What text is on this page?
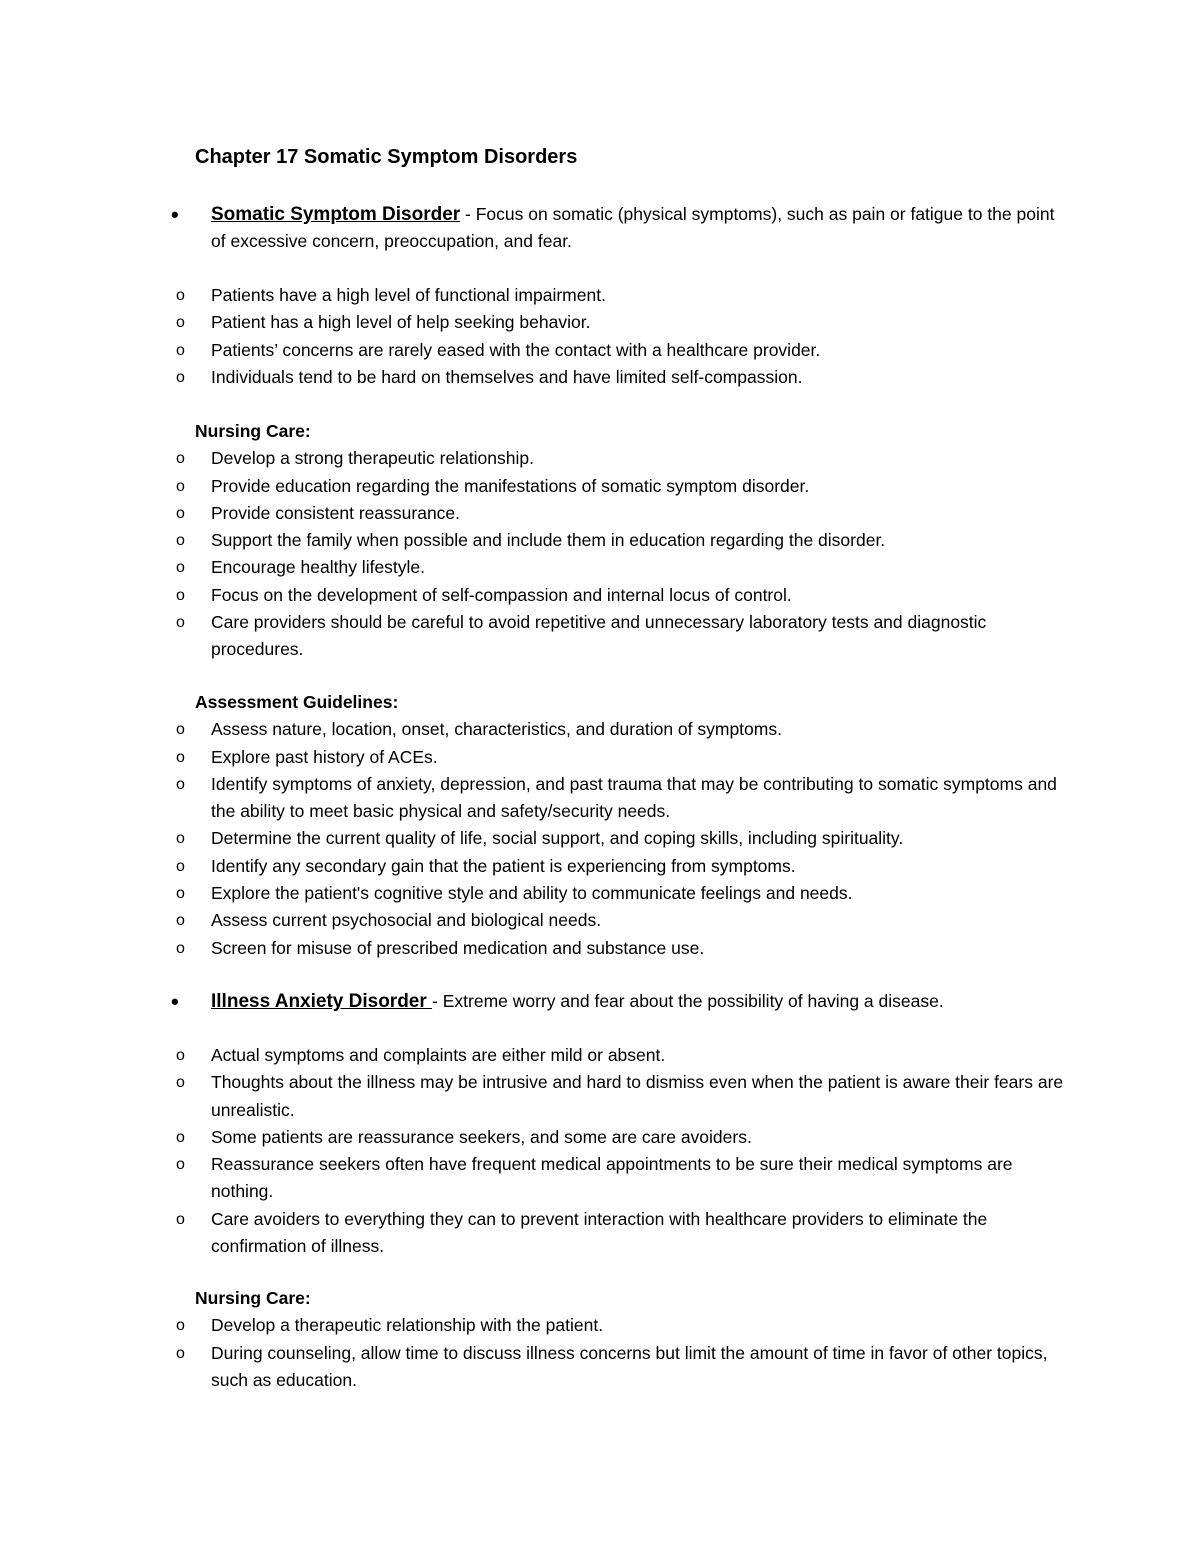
Chapter 17 Somatic Symptom Disorders
• Somatic Symptom Disorder - Focus on somatic (physical symptoms), such as pain or fatigue to the point of excessive concern, preoccupation, and fear.
o Patients have a high level of functional impairment.
o Patient has a high level of help seeking behavior.
o Patients’ concerns are rarely eased with the contact with a healthcare provider.
o Individuals tend to be hard on themselves and have limited self-compassion.
Nursing Care:
o Develop a strong therapeutic relationship.
o Provide education regarding the manifestations of somatic symptom disorder.
o Provide consistent reassurance.
o Support the family when possible and include them in education regarding the disorder.
o Encourage healthy lifestyle.
o Focus on the development of self-compassion and internal locus of control.
o Care providers should be careful to avoid repetitive and unnecessary laboratory tests and diagnostic procedures.
Assessment Guidelines:
o Assess nature, location, onset, characteristics, and duration of symptoms.
o Explore past history of ACEs.
o Identify symptoms of anxiety, depression, and past trauma that may be contributing to somatic symptoms and the ability to meet basic physical and safety/security needs.
o Determine the current quality of life, social support, and coping skills, including spirituality.
o Identify any secondary gain that the patient is experiencing from symptoms.
o Explore the patient's cognitive style and ability to communicate feelings and needs.
o Assess current psychosocial and biological needs.
o Screen for misuse of prescribed medication and substance use.
• Illness Anxiety Disorder - Extreme worry and fear about the possibility of having a disease.
o Actual symptoms and complaints are either mild or absent.
o Thoughts about the illness may be intrusive and hard to dismiss even when the patient is aware their fears are unrealistic.
o Some patients are reassurance seekers, and some are care avoiders.
o Reassurance seekers often have frequent medical appointments to be sure their medical symptoms are nothing.
o Care avoiders to everything they can to prevent interaction with healthcare providers to eliminate the confirmation of illness.
Nursing Care:
o Develop a therapeutic relationship with the patient.
o During counseling, allow time to discuss illness concerns but limit the amount of time in favor of other topics, such as education.
